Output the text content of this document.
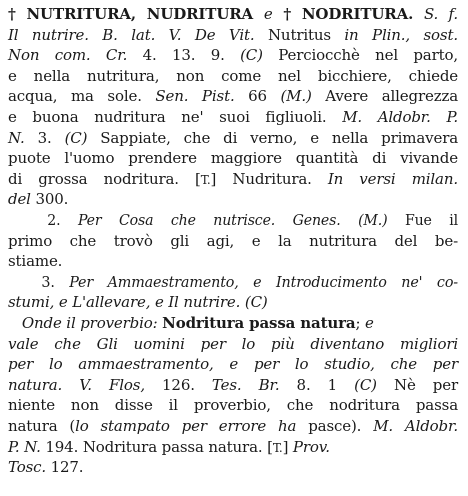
† NUTRITURA, NUDRITURA e † NODRITURA. S. f.
Il nutrire. B. lat. V. De Vit. Nutritus in Plin., sost.
Non com. Cr. 4. 13. 9. (C) Perciocchè nel parto,
e nella nutritura, non come nel bicchiere, chiede
acqua, ma sole. Sen. Pist. 66 (M.) Avere allegrezza
e buona nudritura ne' suoi figliuoli. M. Aldobr. P.
N. 3. (C) Sappiate, che di verno, e nella primavera
puote l'uomo prendere maggiore quantità di vivande
di grossa nodritura. [T.] Nudritura. In versi milan.
del 300.
2. Per Cosa che nutrisce. Genes. (M.) Fue il
primo che trovò gli agi, e la nutritura del be-
stiame.
3. Per Ammaestramento, e Introducimento ne' co-
stumi, e L'allevare, e Il nutrire. (C)
Onde il proverbio: Nodritura passa natura; e
vale che Gli uomini per lo più diventano migliori
per lo ammaestramento, e per lo studio, che per
natura. V. Flos, 126. Tes. Br. 8. 1 (C) Nè per
niente non disse il proverbio, che nodritura passa
natura (lo stampato per errore ha pasce). M. Aldobr.
P. N. 194. Nodritura passa natura. [T.] Prov.
Tosc. 127.
